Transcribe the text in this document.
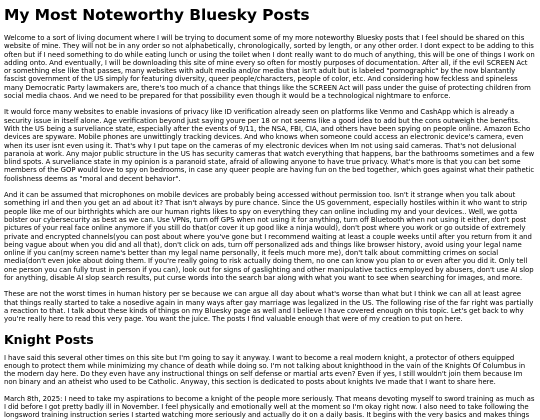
My Most Noteworthy Bluesky Posts

Welcome to a sort of living document where I will be trying to document some of my more noteworthy Bluesky posts that I feel should be shared on this website of mine. They will not be in any order so not alphabetically, chronologically, sorted by length, or any other order. I dont expect to be adding to this often but if I need something to do while eating lunch or using the toilet when I dont really want to do much of anything, this will be one of things I work on adding onto. And eventually, I will be downloading this site of mine every so often for mostly purposes of documentation. After all, if the evil SCREEN Act or something else like that passes, many websites with adult media and/or media that isn't adult but is labeled "pornographic" by the now blantantly fascist government of the US simply for featuring diversity, queer people/characters, people of color, etc. And considering how feckless and spineless many Democratic Party lawmakers are, there's too much of a chance that things like the SCREEN Act will pass under the guise of protecting children from social media chaos. And we need to be prepared for that possibility even though it would be a technological nightmare to enforce.

It would force many websites to enable invasions of privacy like ID verification already seen on platforms like Venmo and CashApp which is already a security issue in itself alone. Age verification beyond just saying youre per 18 or not seems like a good idea to add but the cons outweigh the benefits. With the US being a surveliance state, especially after the events of 9/11, the NSA, FBI, CIA, and others have been spying on people online. Amazon Echo devices are spyware. Mobile phones are unwittingly tracking devices. And who knows when someone could access an electronic device's camera, even when its user isnt even using it. That's why I put tape on the cameras of my electronic devices when Im not using said cameras. That's not delusional paranoia at work. Any major public structure in the US has security cameras that watch everything that happens, bar the bathrooms sometimes and a few blind spots. A surveliance state in my opinion is a paranoid state, afraid of allowing anyone to have true privacy. What's more is that you can bet some members of the GOP would love to spy on bedrooms, in case any queer people are having fun on the bed together, which goes against what their pathetic foolishness deems as "moral and decent behavior".

And it can be assumed that microphones on mobile devices are probably being accessed without permission too. Isn't it strange when you talk about something irl and then you get an ad about it? That isn't always by pure chance. Since the US government, especially hostiles within it who want to strip people like me of our birthrights which are our human rights likes to spy on everything they can online including my and your devices.. Well, we gotta bolster our cybersecurity as best as we can. Use VPNs, turn off GPS when not using it for anything, turn off Bluetooth when not using it either, don't post pictures of your real face online anymore if you still do that(or cover it up good like a ninja would), don't post where you work or go outside of extremely private and encrypted channels(you can post about where you've gone but I recommend waiting at least a couple weeks until after you return from it and being vague about when you did and all that), don't click on ads, turn off personalized ads and things like browser history, avoid using your legal name online if you can(my screen name's better than my legal name personally, it feels much more me), don't talk about committing crimes on social media(don't even joke about doing them. If you're really going to risk actually doing them, no one can know you plan to or even after you did it. Only tell one person you can fully trust in person if you can), look out for signs of gaslighting and other manipulative tactics employed by abusers, don't use AI slop for anything, disable AI slop search results, put curse words into the search bar along with what you want to see when searching for images, and more.

These are not the worst times in human history per se because we can argue all day about what's worse than what but I think we can all at least agree that things really started to take a nosedive again in many ways after gay marriage was legalized in the US. The following rise of the far right was partially a reaction to that. I talk about these kinds of things on my Bluesky page as well and I believe I have covered enough on this topic. Let's get back to why you're really here to read this very page. You want the juice. The posts I find valuable enough that were of my creation to put on here.

Knight Posts

I have said this several other times on this site but I'm going to say it anyway. I want to become a real modern knight, a protector of others equipped enough to protect them while minimizing my chance of death while doing so. I'm not talking about knighthood in the vain of the Knights Of Columbus in the modern day here. Do they even have any instructional things on self defense or martial arts even? Even if yes, I still wouldn't join them because Im non binary and an atheist who used to be Catholic. Anyway, this section is dedicated to posts about knights Ive made that I want to share here.

March 8th, 2025: I need to take my aspirations to become a knight of the people more seriously. That means devoting myself to sword training as much as I did before I got pretty badly ill in November. I feel physically and emotionally well at the moment so I'm okay right now. I also need to take following the longsword training instruction series I started watching more seriously and actually do it on a daily basis. It begins with the very basics and makes things
